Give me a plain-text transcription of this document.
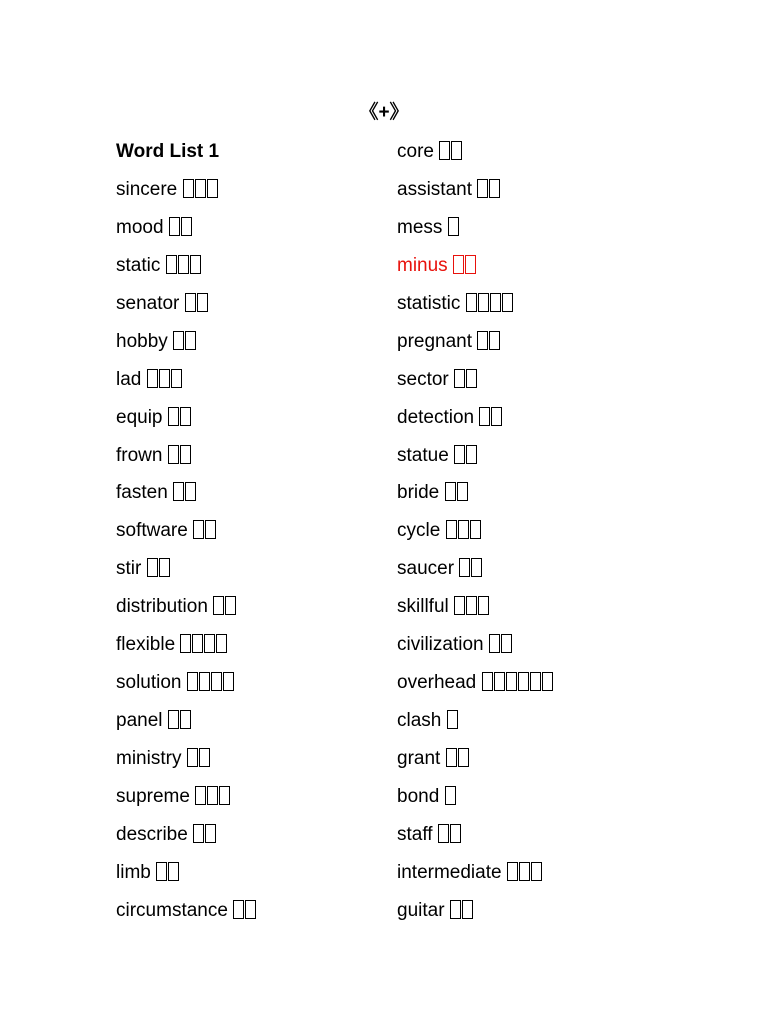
《+》
Word List 1
sincere
mood
static
senator
hobby
lad
equip
frown
fasten
software
stir
distribution
flexible
solution
panel
ministry
supreme
describe
limb
circumstance
core
assistant
mess
minus
statistic
pregnant
sector
detection
statue
bride
cycle
saucer
skillful
civilization
overhead
clash
grant
bond
staff
intermediate
guitar
